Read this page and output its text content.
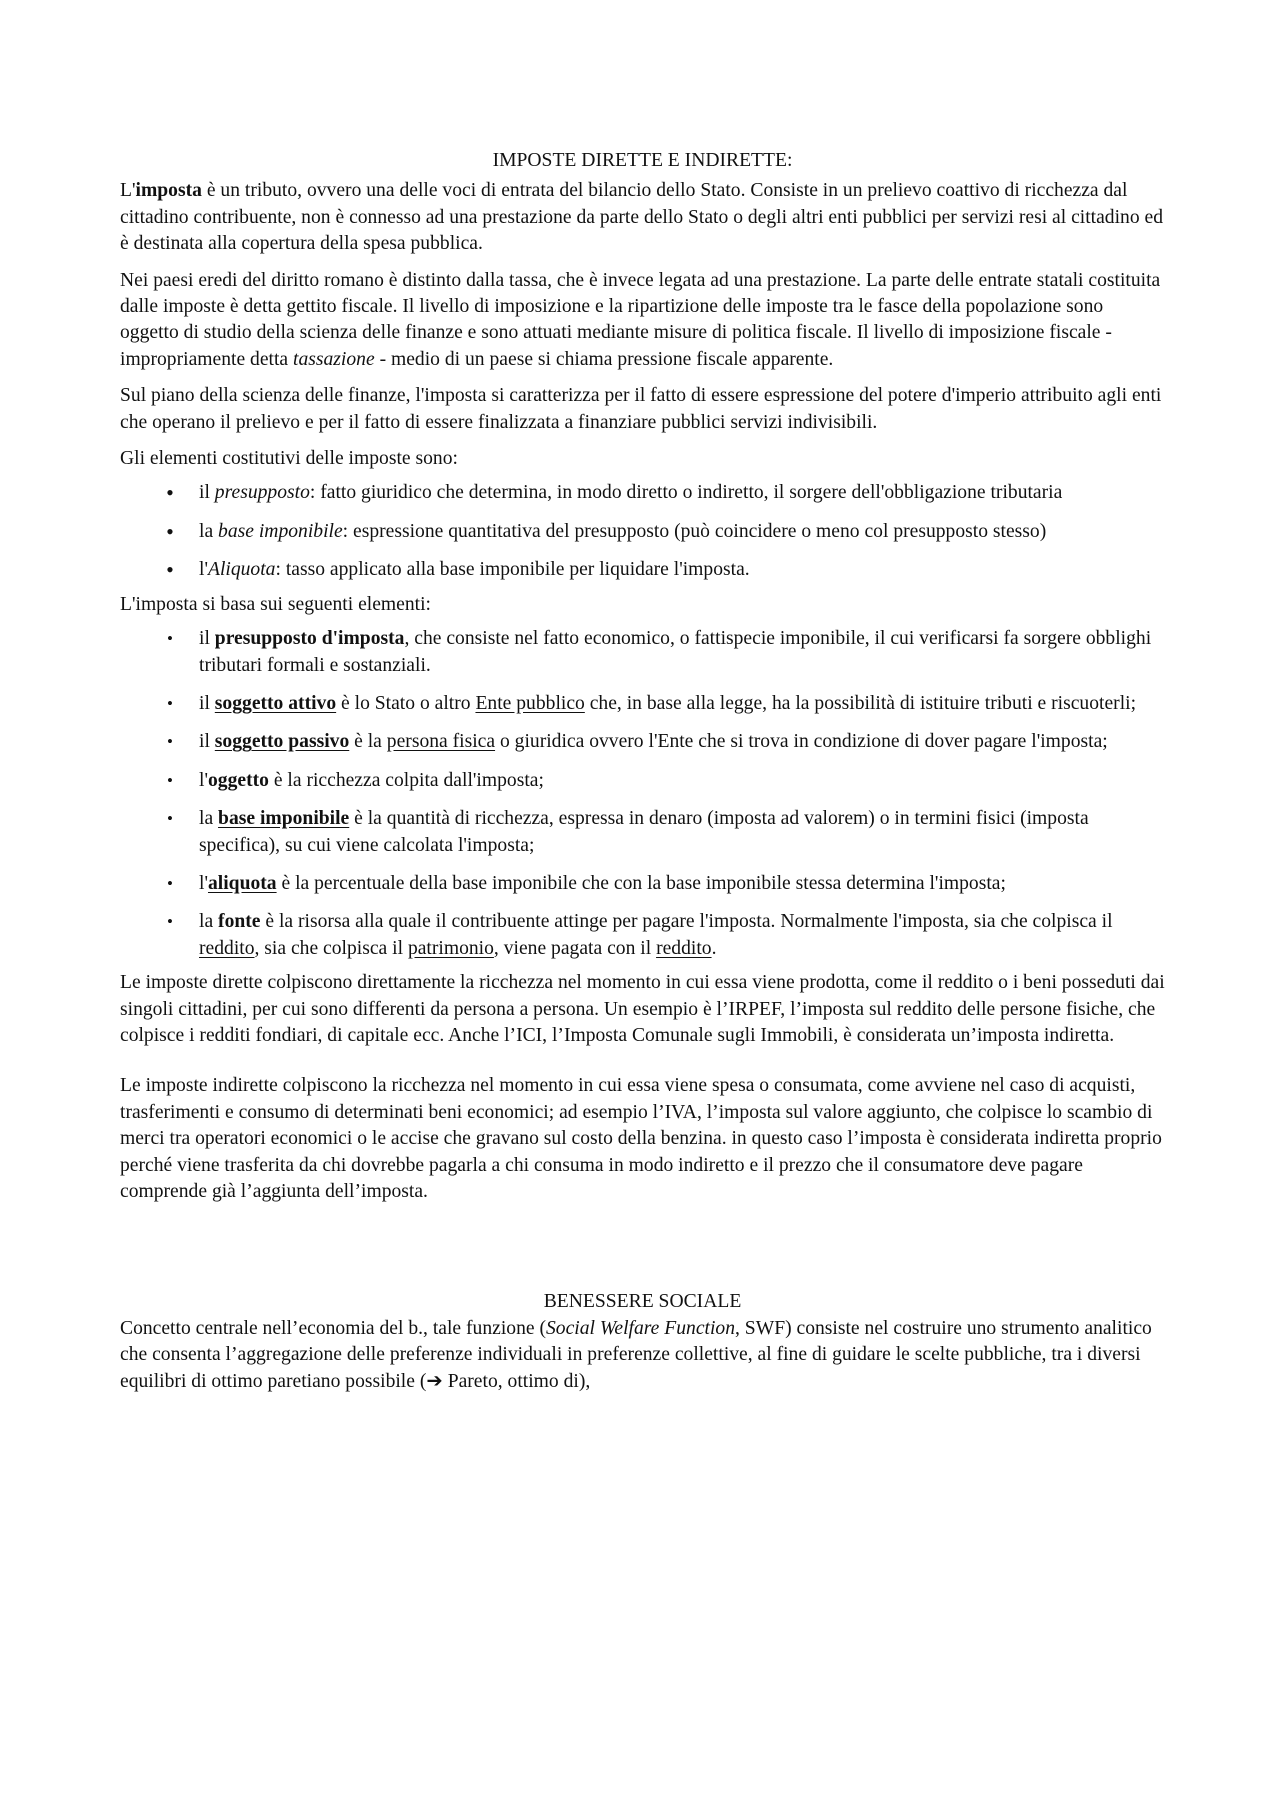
IMPOSTE DIRETTE E INDIRETTE:

L'imposta è un tributo, ovvero una delle voci di entrata del bilancio dello Stato. Consiste in un prelievo coattivo di ricchezza dal cittadino contribuente, non è connesso ad una prestazione da parte dello Stato o degli altri enti pubblici per servizi resi al cittadino ed è destinata alla copertura della spesa pubblica.

Nei paesi eredi del diritto romano è distinto dalla tassa, che è invece legata ad una prestazione. La parte delle entrate statali costituita dalle imposte è detta gettito fiscale. Il livello di imposizione e la ripartizione delle imposte tra le fasce della popolazione sono oggetto di studio della scienza delle finanze e sono attuati mediante misure di politica fiscale. Il livello di imposizione fiscale - impropriamente detta tassazione - medio di un paese si chiama pressione fiscale apparente.

Sul piano della scienza delle finanze, l'imposta si caratterizza per il fatto di essere espressione del potere d'imperio attribuito agli enti che operano il prelievo e per il fatto di essere finalizzata a finanziare pubblici servizi indivisibili.

Gli elementi costitutivi delle imposte sono:

•	il presupposto: fatto giuridico che determina, in modo diretto o indiretto, il sorgere dell'obbligazione tributaria
•	la base imponibile: espressione quantitativa del presupposto (può coincidere o meno col presupposto stesso)
•	l'Aliquota: tasso applicato alla base imponibile per liquidare l'imposta.

L'imposta si basa sui seguenti elementi:

•	il presupposto d'imposta, che consiste nel fatto economico, o fattispecie imponibile, il cui verificarsi fa sorgere obblighi tributari formali e sostanziali.
•	il soggetto attivo è lo Stato o altro Ente pubblico che, in base alla legge, ha la possibilità di istituire tributi e riscuoterli;
•	il soggetto passivo è la persona fisica o giuridica ovvero l'Ente che si trova in condizione di dover pagare l'imposta;
•	l'oggetto è la ricchezza colpita dall'imposta;
•	la base imponibile è la quantità di ricchezza, espressa in denaro (imposta ad valorem) o in termini fisici (imposta specifica), su cui viene calcolata l'imposta;
•	l'aliquota è la percentuale della base imponibile che con la base imponibile stessa determina l'imposta;
•	la fonte è la risorsa alla quale il contribuente attinge per pagare l'imposta. Normalmente l'imposta, sia che colpisca il reddito, sia che colpisca il patrimonio, viene pagata con il reddito.

Le imposte dirette colpiscono direttamente la ricchezza nel momento in cui essa viene prodotta, come il reddito o i beni posseduti dai singoli cittadini, per cui sono differenti da persona a persona. Un esempio è l’IRPEF, l’imposta sul reddito delle persone fisiche, che colpisce i redditi fondiari, di capitale ecc. Anche l’ICI, l’Imposta Comunale sugli Immobili, è considerata un’imposta indiretta.

Le imposte indirette colpiscono la ricchezza nel momento in cui essa viene spesa o consumata, come avviene nel caso di acquisti, trasferimenti e consumo di determinati beni economici; ad esempio l’IVA, l’imposta sul valore aggiunto, che colpisce lo scambio di merci tra operatori economici o le accise che gravano sul costo della benzina. in questo caso l’imposta è considerata indiretta proprio perché viene trasferita da chi dovrebbe pagarla a chi consuma in modo indiretto e il prezzo che il consumatore deve pagare comprende già l’aggiunta dell’imposta.

BENESSERE SOCIALE

Concetto centrale nell’economia del b., tale funzione (Social Welfare Function, SWF) consiste nel costruire uno strumento analitico che consenta l’aggregazione delle preferenze individuali in preferenze collettive, al fine di guidare le scelte pubbliche, tra i diversi equilibri di ottimo paretiano possibile (➔ Pareto, ottimo di),
